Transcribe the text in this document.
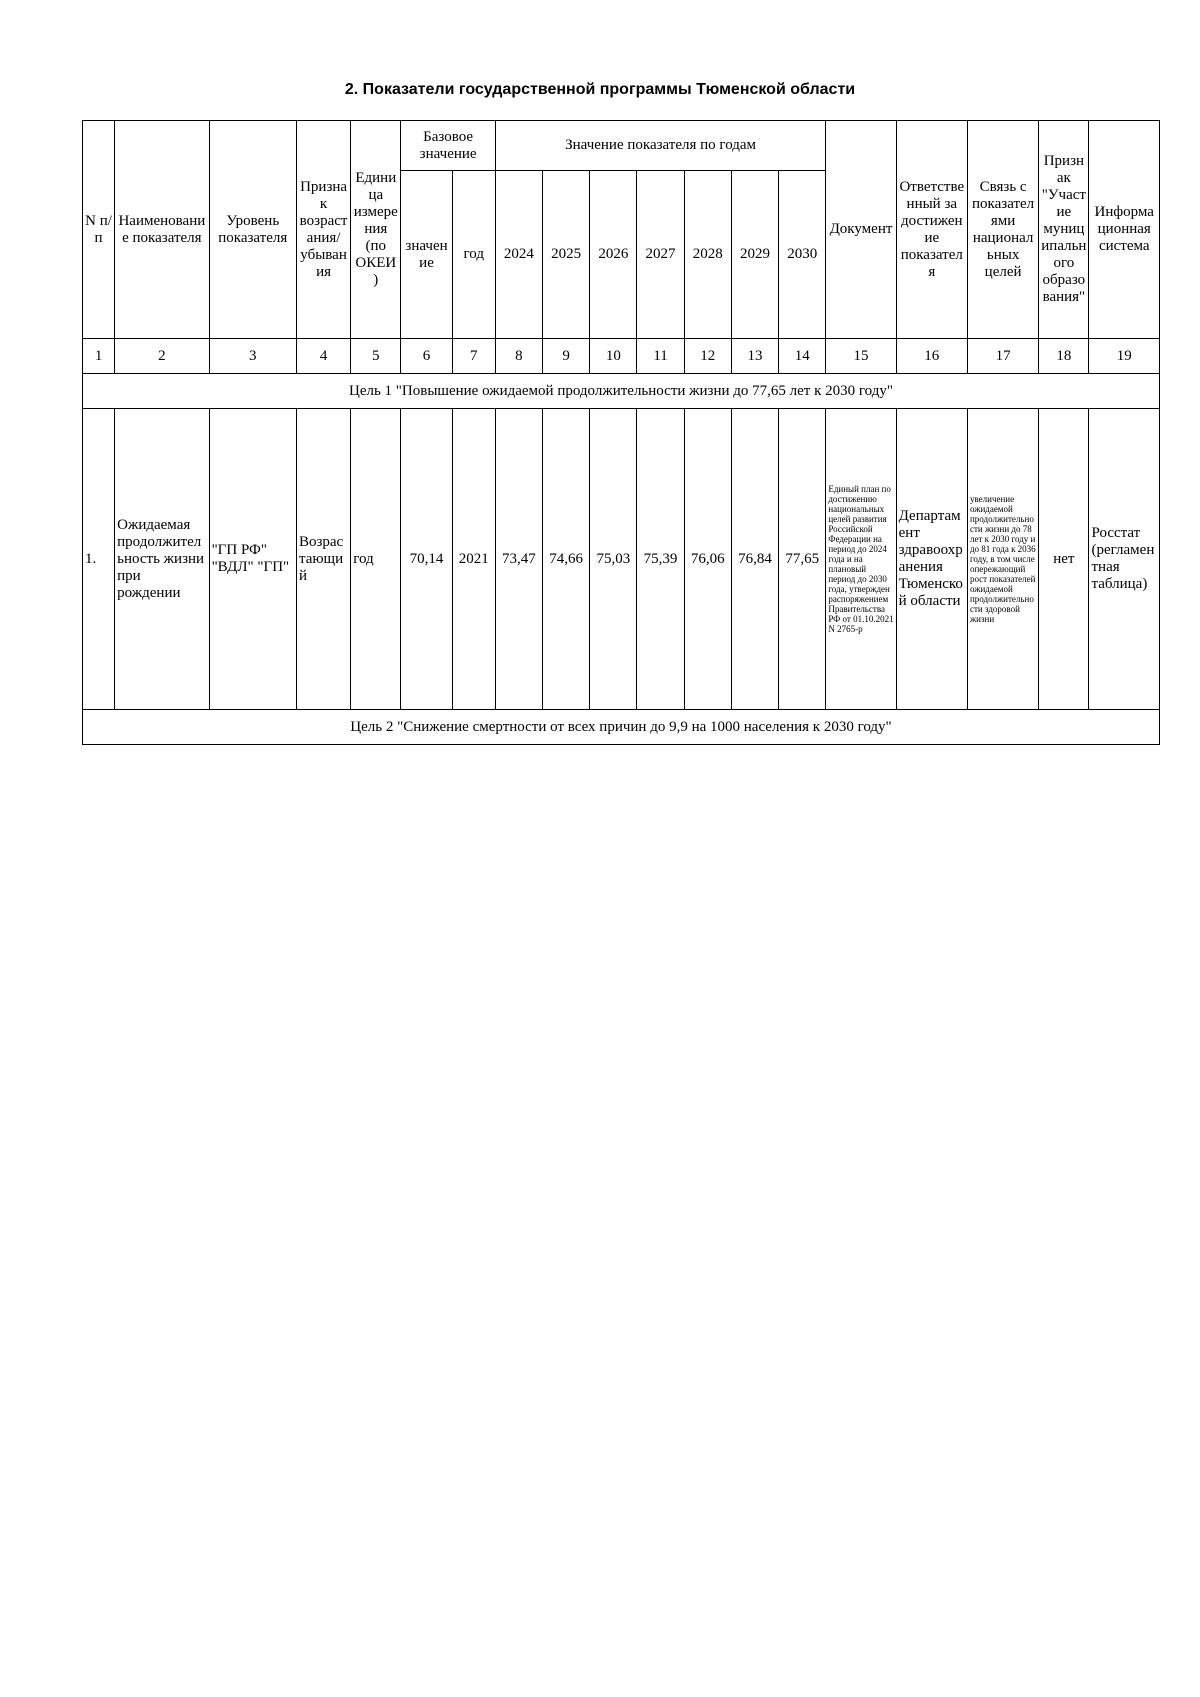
2. Показатели государственной программы Тюменской области
N п/п	Наименование показателя	Уровень показателя	Признак возрастания/ убывания	Единица измерения (по ОКЕИ)	Базовое значение		Значение показателя по годам							Документ	Ответственный за достижение показателя	Связь с показателями национальных целей	Признак "Участие муниципального образования"	Информационная система
					значение	год	2024	2025	2026	2027	2028	2029	2030					
1	2	3	4	5	6	7	8	9	10	11	12	13	14	15	16	17	18	19
Цель 1 "Повышение ожидаемой продолжительности жизни до 77,65 лет к 2030 году"																		
1.	Ожидаемая продолжительность жизни при рождении	"ГП РФ" "ВДЛ" "ГП"	Возрастающий	год	70,14	2021	73,47	74,66	75,03	75,39	76,06	76,84	77,65	Единый план по достижению национальных целей развития Российской Федерации на период до 2024 года и на плановый период до 2030 года, утвержден распоряжением Правительства РФ от 01.10.2021 N 2765-р	Департамент здравоохранения Тюменской области	увеличение ожидаемой продолжительности жизни до 78 лет к 2030 году и до 81 года к 2036 году, в том числе опережающий рост показателей ожидаемой продолжительности здоровой жизни	нет	Росстат (регламентная таблица)
Цель 2 "Снижение смертности от всех причин до 9,9 на 1000 населения к 2030 году"																		
